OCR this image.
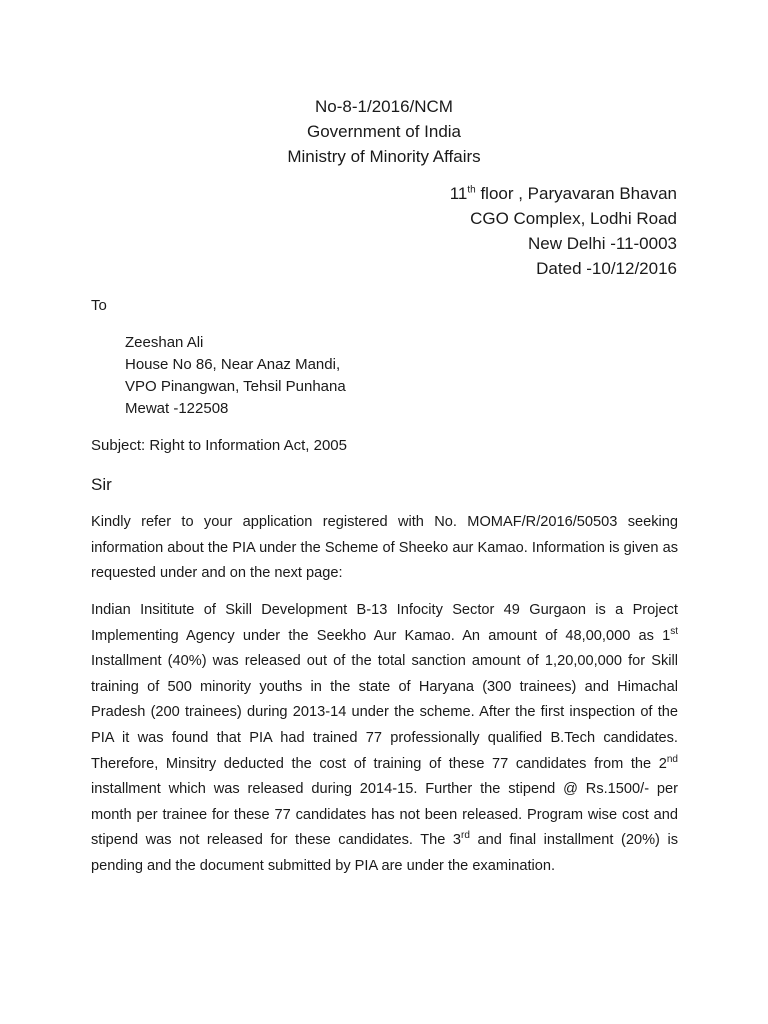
No-8-1/2016/NCM
Government of India
Ministry of Minority Affairs
11th floor , Paryavaran Bhavan
CGO Complex, Lodhi Road
New Delhi -11-0003
Dated -10/12/2016
To
Zeeshan Ali
House No 86, Near Anaz Mandi,
VPO Pinangwan, Tehsil Punhana
Mewat -122508
Subject: Right to Information Act, 2005
Sir
Kindly refer to your application registered with No. MOMAF/R/2016/50503 seeking information about the PIA under the Scheme of Sheeko aur Kamao. Information is given as requested under and on the next page:
Indian Insititute of Skill Development B-13 Infocity Sector 49 Gurgaon is a Project Implementing Agency under the Seekho Aur Kamao. An amount of 48,00,000 as 1st Installment (40%) was released out of the total sanction amount of 1,20,00,000 for Skill training of 500 minority youths in the state of Haryana (300 trainees) and Himachal Pradesh (200 trainees) during 2013-14 under the scheme. After the first inspection of the PIA it was found that PIA had trained 77 professionally qualified B.Tech candidates. Therefore, Minsitry deducted the cost of training of these 77 candidates from the 2nd installment which was released during 2014-15. Further the stipend @ Rs.1500/- per month per trainee for these 77 candidates has not been released. Program wise cost and stipend was not released for these candidates. The 3rd and final installment (20%) is pending and the document submitted by PIA are under the examination.
